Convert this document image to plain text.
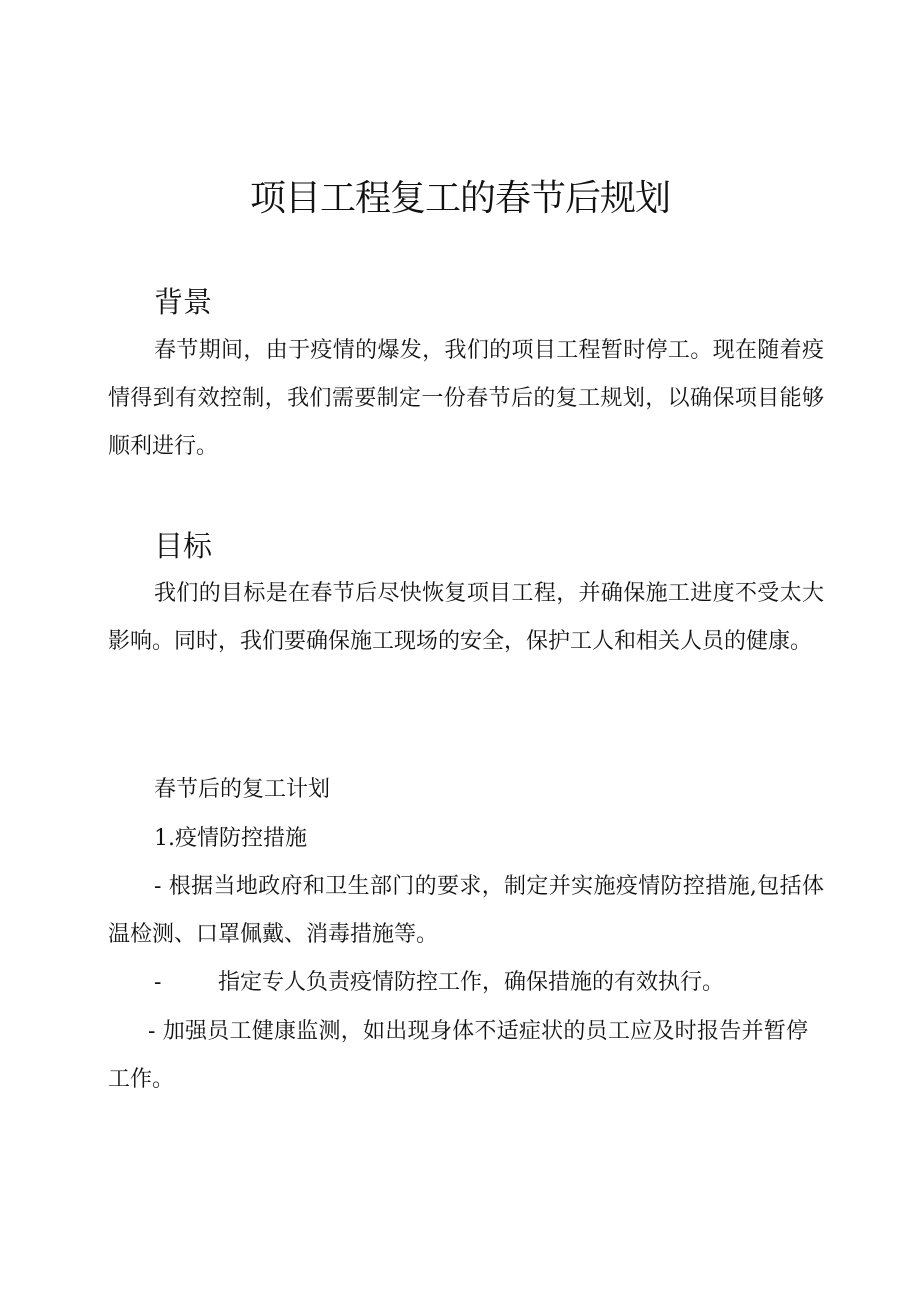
项目工程复工的春节后规划
背景

春节期间，由于疫情的爆发，我们的项目工程暂时停工。现在随着疫情得到有效控制，我们需要制定一份春节后的复工规划，以确保项目能够顺利进行。

目标

我们的目标是在春节后尽快恢复项目工程，并确保施工进度不受太大影响。同时，我们要确保施工现场的安全，保护工人和相关人员的健康。

春节后的复工计划

1.疫情防控措施

- 根据当地政府和卫生部门的要求，制定并实施疫情防控措施,包括体温检测、口罩佩戴、消毒措施等。

-	指定专人负责疫情防控工作，确保措施的有效执行。

- 加强员工健康监测，如出现身体不适症状的员工应及时报告并暂停工作。
